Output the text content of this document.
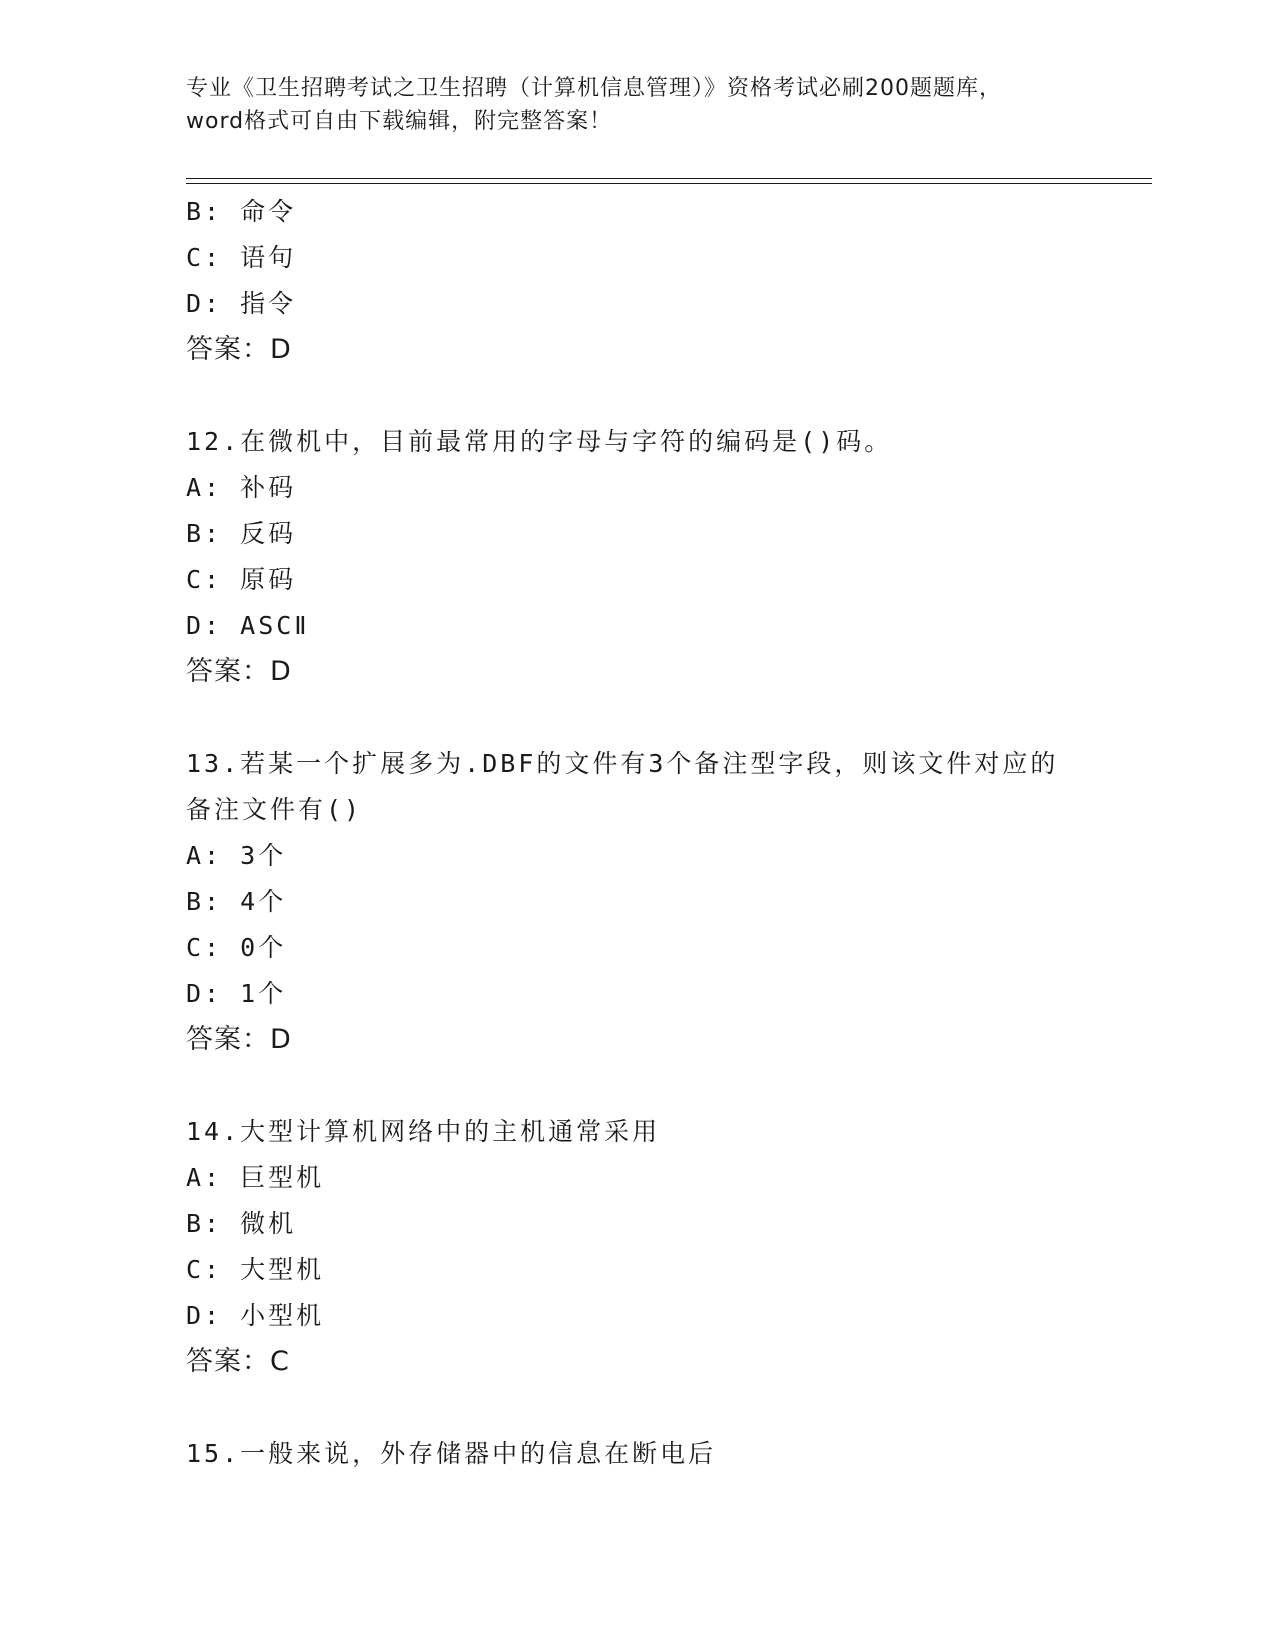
专业《卫生招聘考试之卫生招聘（计算机信息管理）》资格考试必刷200题题库，
word格式可自由下载编辑，附完整答案！
B: 命令
C: 语句
D: 指令
答案：D
12.在微机中，目前最常用的字母与字符的编码是()码。
A: 补码
B: 反码
C: 原码
D: ASCⅡ
答案：D
13.若某一个扩展多为.DBF的文件有3个备注型字段，则该文件对应的
备注文件有()
A: 3个
B: 4个
C: 0个
D: 1个
答案：D
14.大型计算机网络中的主机通常采用
A: 巨型机
B: 微机
C: 大型机
D: 小型机
答案：C
15.一般来说，外存储器中的信息在断电后
